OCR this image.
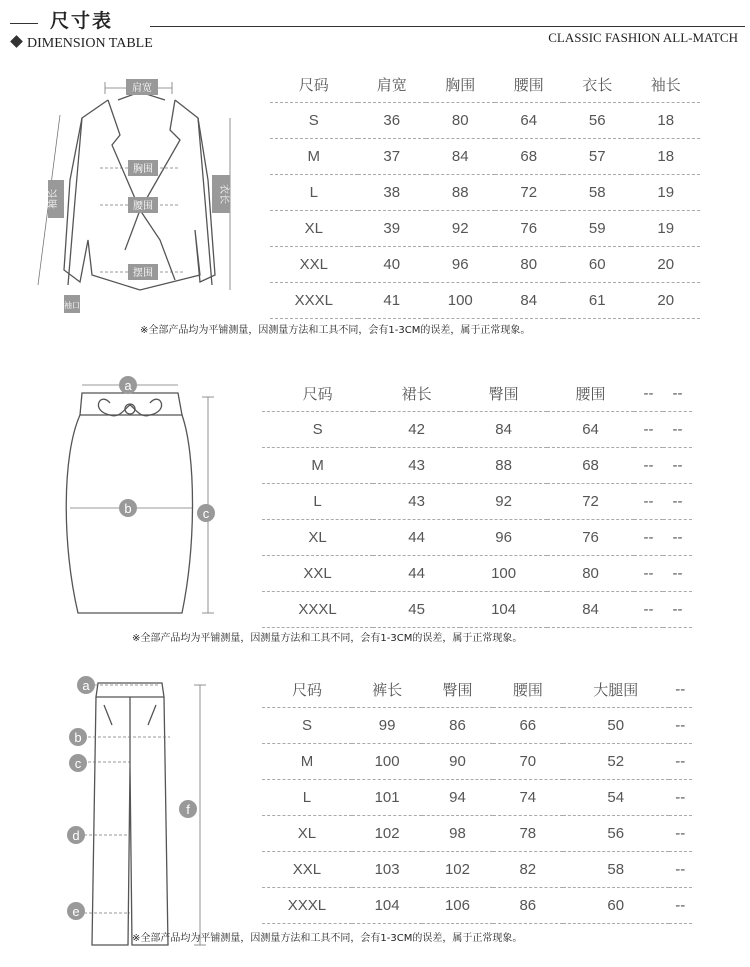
尺寸表
DIMENSION TABLE	CLASSIC FASHION ALL-MATCH
肩宽
胸围
腰围
摆围
袖长	衣长
袖口
尺码	肩宽	胸围	腰围	衣长	袖长
S	36	80	64	56	18
M	37	84	68	57	18
L	38	88	72	58	19
XL	39	92	76	59	19
XXL	40	96	80	60	20
XXXL	41	100	84	61	20
※全部产品均为平铺测量，因测量方法和工具不同，会有1-3CM的误差，属于正常现象。
a
b	c
尺码	裙长	臀围	腰围	--	--
S	42	84	64	--	--
M	43	88	68	--	--
L	43	92	72	--	--
XL	44	96	76	--	--
XXL	44	100	80	--	--
XXXL	45	104	84	--	--
※全部产品均为平铺测量，因测量方法和工具不同，会有1-3CM的误差，属于正常现象。
a
b
c
d
e
f
尺码	裤长	臀围	腰围	大腿围	--
S	99	86	66	50	--
M	100	90	70	52	--
L	101	94	74	54	--
XL	102	98	78	56	--
XXL	103	102	82	58	--
XXXL	104	106	86	60	--
※全部产品均为平铺测量，因测量方法和工具不同，会有1-3CM的误差，属于正常现象。
